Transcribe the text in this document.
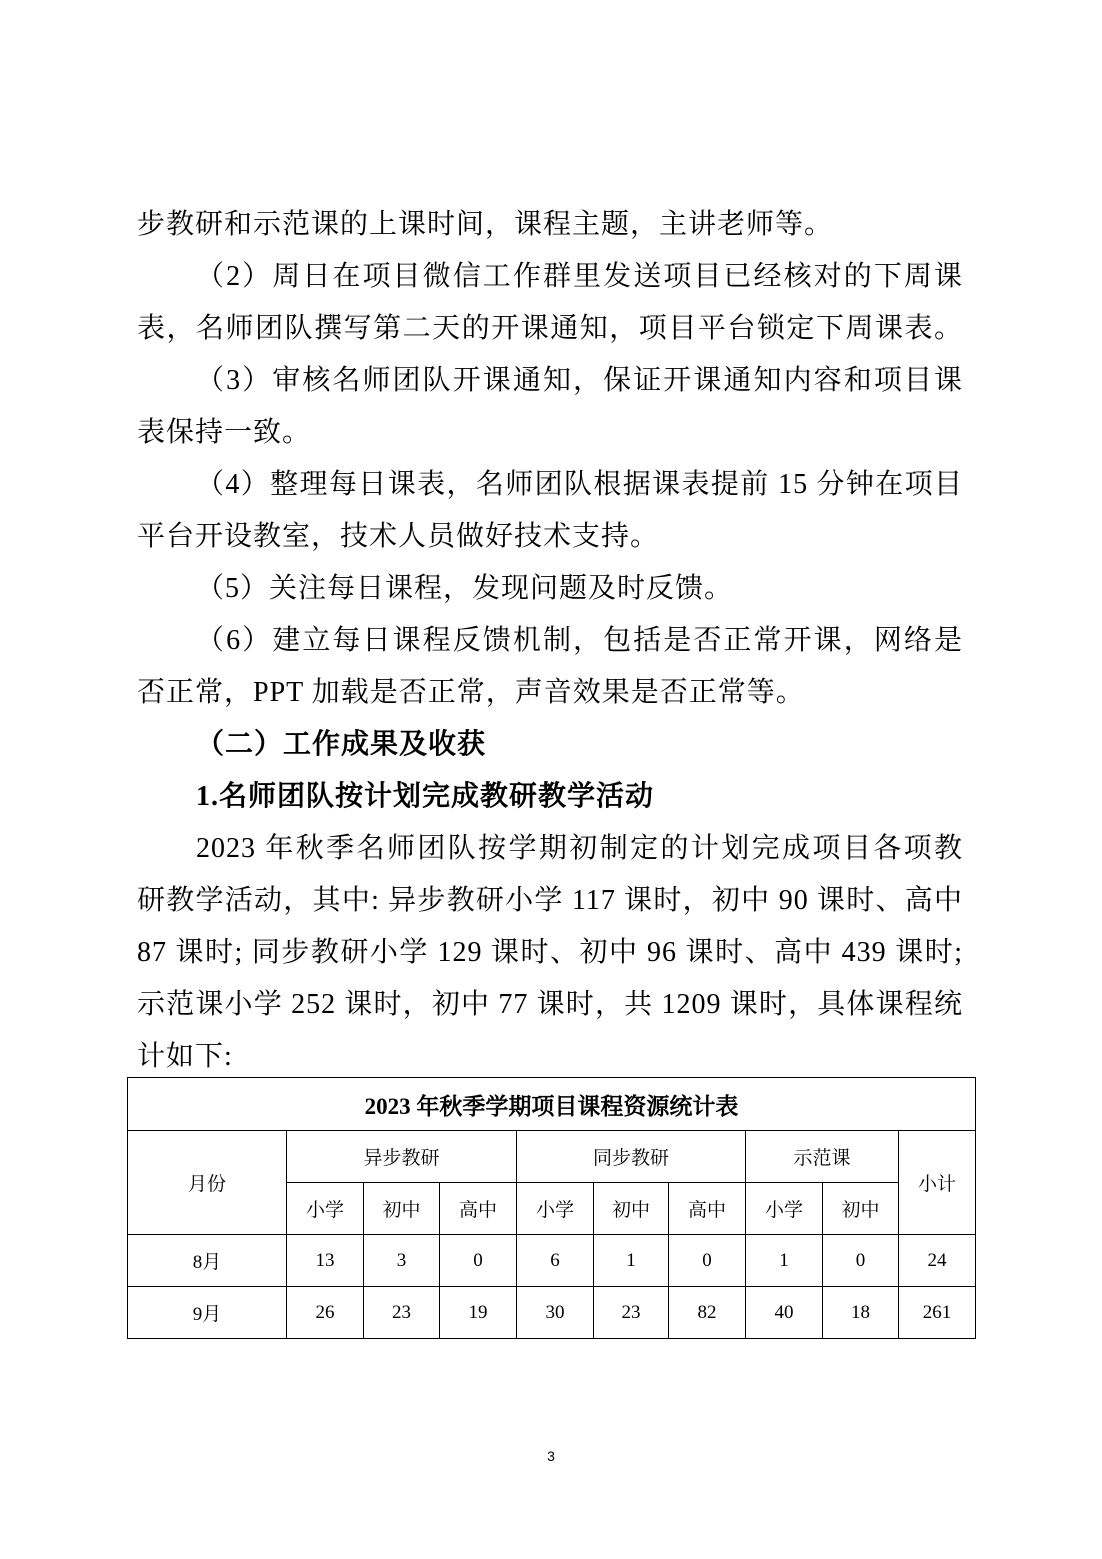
步教研和示范课的上课时间，课程主题，主讲老师等。
（2）周日在项目微信工作群里发送项目已经核对的下周课
表，名师团队撰写第二天的开课通知，项目平台锁定下周课表。
（3）审核名师团队开课通知，保证开课通知内容和项目课
表保持一致。
（4）整理每日课表，名师团队根据课表提前 15 分钟在项目
平台开设教室，技术人员做好技术支持。
（5）关注每日课程，发现问题及时反馈。
（6）建立每日课程反馈机制，包括是否正常开课，网络是
否正常，PPT 加载是否正常，声音效果是否正常等。
（二）工作成果及收获
1.名师团队按计划完成教研教学活动
2023 年秋季名师团队按学期初制定的计划完成项目各项教
研教学活动，其中: 异步教研小学 117 课时，初中 90 课时、高中
87 课时; 同步教研小学 129 课时、初中 96 课时、高中 439 课时;
示范课小学 252 课时，初中 77 课时，共 1209 课时，具体课程统
计如下:
2023 年秋季学期项目课程资源统计表									
月份	异步教研			同步教研			示范课		小计
	小学	初中	高中	小学	初中	高中	小学	初中	
8月	13	3	0	6	1	0	1	0	24
9月	26	23	19	30	23	82	40	18	261
3
